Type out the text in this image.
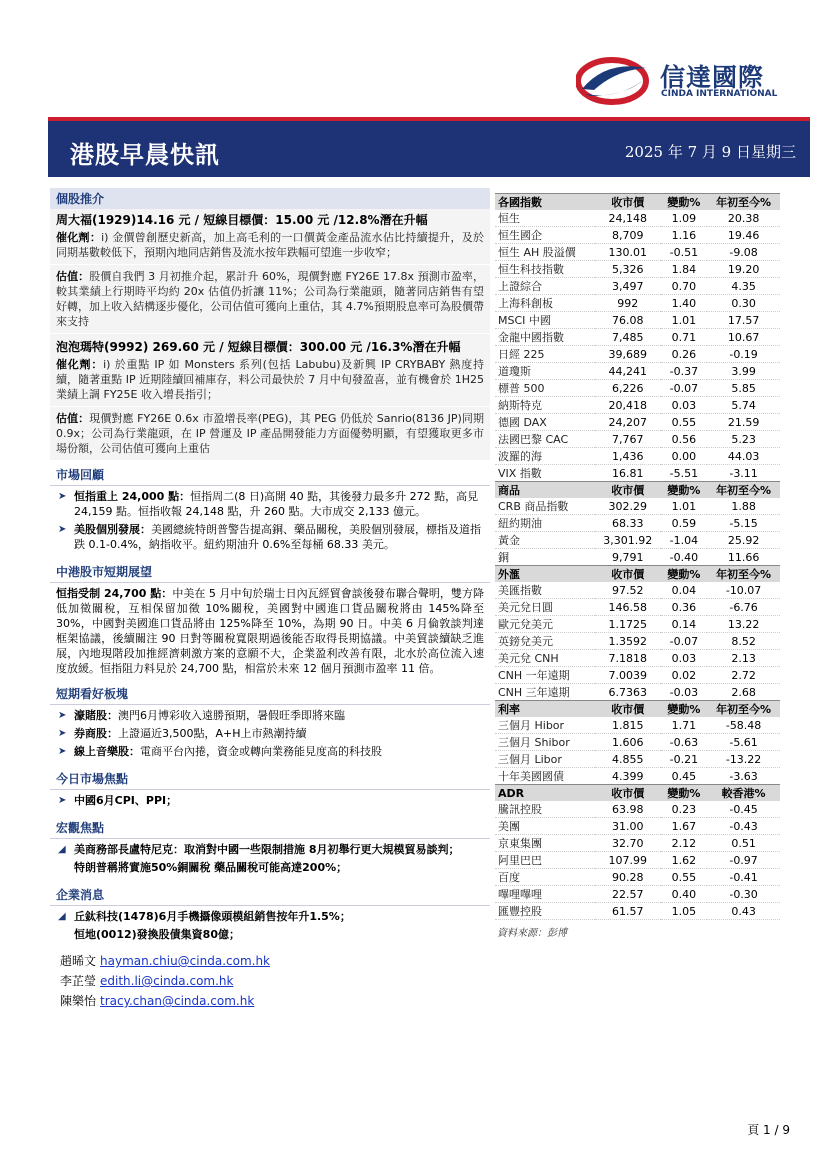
信達國際
CINDA INTERNATIONAL
港股早晨快訊	2025 年 7 月 9 日星期三
個股推介
周大福(1929)14.16 元 / 短線目標價：15.00 元 /12.8%潛在升幅
催化劑：i) 金價曾創歷史新高，加上高毛利的一口價黃金產品流水佔比持續提升，及於同期基數較低下，預期內地同店銷售及流水按年跌幅可望進一步收窄；
估值：股價自我們 3 月初推介起，累計升 60%，現價對應 FY26E 17.8x 預測市盈率，較其業績上行期時平均約 20x 估值仍折讓 11%；公司為行業龍頭，隨著同店銷售有望好轉，加上收入結構逐步優化，公司估值可獲向上重估，其 4.7%預期股息率可為股價帶來支持
泡泡瑪特(9992) 269.60 元 / 短線目標價：300.00 元 /16.3%潛在升幅
催化劑：i) 於重點 IP 如 Monsters 系列(包括 Labubu)及新興 IP CRYBABY 熱度持續，隨著重點 IP 近期陸續回補庫存，料公司最快於 7 月中旬發盈喜，並有機會於 1H25 業績上調 FY25E 收入增長指引；
估值：現價對應 FY26E 0.6x 市盈增長率(PEG)，其 PEG 仍低於 Sanrio(8136 JP)同期 0.9x；公司為行業龍頭，在 IP 營運及 IP 產品開發能力方面優勢明顯，有望獲取更多市場份額，公司估值可獲向上重估
市場回顧
➤ 恒指重上 24,000 點：恒指周二(8 日)高開 40 點，其後發力最多升 272 點，高見 24,159 點。恒指收報 24,148 點，升 260 點。大市成交 2,133 億元。
➤ 美股個別發展：美國總統特朗普警告提高銅、藥品關稅，美股個別發展，標指及道指跌 0.1-0.4%，納指收平。紐約期油升 0.6%至每桶 68.33 美元。
中港股市短期展望
恒指受制 24,700 點：中美在 5 月中旬於瑞士日內瓦經貿會談後發布聯合聲明，雙方降低加徵關稅，互相保留加徵 10%關稅，美國對中國進口貨品關稅將由 145%降至 30%，中國對美國進口貨品將由 125%降至 10%，為期 90 日。中美 6 月倫敦談判達框架協議，後續關注 90 日對等關稅寬限期過後能否取得長期協議。中美貿談續缺乏進展，內地現階段加推經濟刺激方案的意願不大，企業盈利改善有限，北水於高位流入速度放緩。恒指阻力料見於 24,700 點，相當於未來 12 個月預測市盈率 11 倍。
短期看好板塊
➤ 濠賭股：澳門6月博彩收入遠勝預期，暑假旺季即將來臨
➤ 券商股：上證逼近3,500點，A+H上市熱潮持續
➤ 線上音樂股：電商平台內捲，資金或轉向業務能見度高的科技股
今日市場焦點
➤ 中國6月CPI、PPI；
宏觀焦點
◢ 美商務部長盧特尼克：取消對中國一些限制措施 8月初舉行更大規模貿易談判；
特朗普稱將實施50%銅關稅 藥品關稅可能高達200%；
企業消息
◢ 丘鈦科技(1478)6月手機攝像頭模組銷售按年升1.5%；
恒地(0012)發換股債集資80億；
趙晞文 hayman.chiu@cinda.com.hk
李芷瑩 edith.li@cinda.com.hk
陳樂怡 tracy.chan@cinda.com.hk
各國指數	收市價	變動%	年初至今%
恒生	24,148	1.09	20.38
恒生國企	8,709	1.16	19.46
恒生 AH 股溢價	130.01	-0.51	-9.08
恒生科技指數	5,326	1.84	19.20
上證綜合	3,497	0.70	4.35
上海科創板	992	1.40	0.30
MSCI 中國	76.08	1.01	17.57
金龍中國指數	7,485	0.71	10.67
日經 225	39,689	0.26	-0.19
道瓊斯	44,241	-0.37	3.99
標普 500	6,226	-0.07	5.85
納斯特克	20,418	0.03	5.74
德國 DAX	24,207	0.55	21.59
法國巴黎 CAC	7,767	0.56	5.23
波羅的海	1,436	0.00	44.03
VIX 指數	16.81	-5.51	-3.11
商品	收市價	變動%	年初至今%
CRB 商品指數	302.29	1.01	1.88
紐約期油	68.33	0.59	-5.15
黃金	3,301.92	-1.04	25.92
銅	9,791	-0.40	11.66
外滙	收市價	變動%	年初至今%
美匯指數	97.52	0.04	-10.07
美元兌日圓	146.58	0.36	-6.76
歐元兌美元	1.1725	0.14	13.22
英鎊兌美元	1.3592	-0.07	8.52
美元兌 CNH	7.1818	0.03	2.13
CNH 一年遠期	7.0039	0.02	2.72
CNH 三年遠期	6.7363	-0.03	2.68
利率	收市價	變動%	年初至今%
三個月 Hibor	1.815	1.71	-58.48
三個月 Shibor	1.606	-0.63	-5.61
三個月 Libor	4.855	-0.21	-13.22
十年美國國債	4.399	0.45	-3.63
ADR	收市價	變動%	較香港%
騰訊控股	63.98	0.23	-0.45
美團	31.00	1.67	-0.43
京東集團	32.70	2.12	0.51
阿里巴巴	107.99	1.62	-0.97
百度	90.28	0.55	-0.41
嗶哩嗶哩	22.57	0.40	-0.30
匯豐控股	61.57	1.05	0.43
資料來源：彭博
頁 1 / 9
